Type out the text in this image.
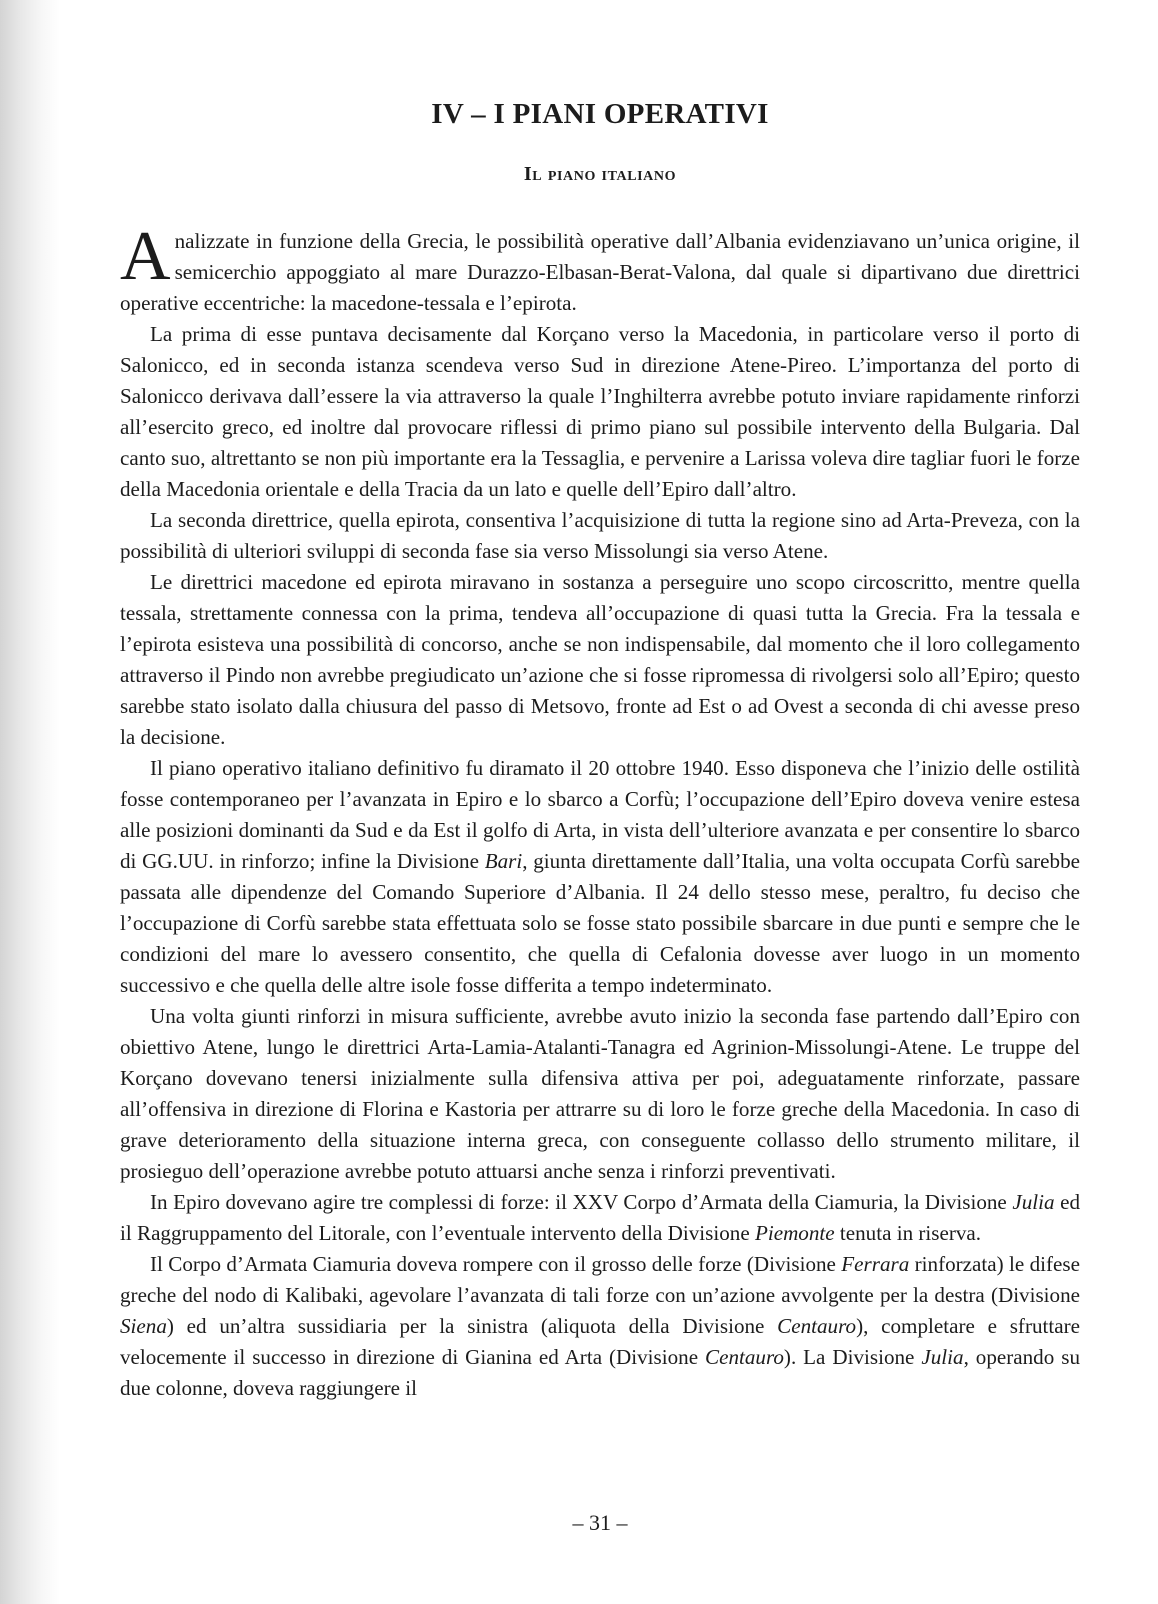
IV – I PIANI OPERATIVI
Il piano italiano

Analizzate in funzione della Grecia, le possibilità operative dall’Albania evidenziavano un’unica origine, il semicerchio appoggiato al mare Durazzo-Elbasan-Berat-Valona, dal quale si dipartivano due direttrici operative eccentriche: la macedone-tessala e l’epirota.

La prima di esse puntava decisamente dal Korçano verso la Macedonia, in particolare verso il porto di Salonicco, ed in seconda istanza scendeva verso Sud in direzione Atene-Pireo. L’importanza del porto di Salonicco derivava dall’essere la via attraverso la quale l’Inghilterra avrebbe potuto inviare rapidamente rinforzi all’esercito greco, ed inoltre dal provocare riflessi di primo piano sul possibile intervento della Bulgaria. Dal canto suo, altrettanto se non più importante era la Tessaglia, e pervenire a Larissa voleva dire tagliar fuori le forze della Macedonia orientale e della Tracia da un lato e quelle dell’Epiro dall’altro.

La seconda direttrice, quella epirota, consentiva l’acquisizione di tutta la regione sino ad Arta-Preveza, con la possibilità di ulteriori sviluppi di seconda fase sia verso Missolungi sia verso Atene.

Le direttrici macedone ed epirota miravano in sostanza a perseguire uno scopo circoscritto, mentre quella tessala, strettamente connessa con la prima, tendeva all’occupazione di quasi tutta la Grecia. Fra la tessala e l’epirota esisteva una possibilità di concorso, anche se non indispensabile, dal momento che il loro collegamento attraverso il Pindo non avrebbe pregiudicato un’azione che si fosse ripromessa di rivolgersi solo all’Epiro; questo sarebbe stato isolato dalla chiusura del passo di Metsovo, fronte ad Est o ad Ovest a seconda di chi avesse preso la decisione.

Il piano operativo italiano definitivo fu diramato il 20 ottobre 1940. Esso disponeva che l’inizio delle ostilità fosse contemporaneo per l’avanzata in Epiro e lo sbarco a Corfù; l’occupazione dell’Epiro doveva venire estesa alle posizioni dominanti da Sud e da Est il golfo di Arta, in vista dell’ulteriore avanzata e per consentire lo sbarco di GG.UU. in rinforzo; infine la Divisione Bari, giunta direttamente dall’Italia, una volta occupata Corfù sarebbe passata alle dipendenze del Comando Superiore d’Albania. Il 24 dello stesso mese, peraltro, fu deciso che l’occupazione di Corfù sarebbe stata effettuata solo se fosse stato possibile sbarcare in due punti e sempre che le condizioni del mare lo avessero consentito, che quella di Cefalonia dovesse aver luogo in un momento successivo e che quella delle altre isole fosse differita a tempo indeterminato.

Una volta giunti rinforzi in misura sufficiente, avrebbe avuto inizio la seconda fase partendo dall’Epiro con obiettivo Atene, lungo le direttrici Arta-Lamia-Atalanti-Tanagra ed Agrinion-Missolungi-Atene. Le truppe del Korçano dovevano tenersi inizialmente sulla difensiva attiva per poi, adeguatamente rinforzate, passare all’offensiva in direzione di Florina e Kastoria per attrarre su di loro le forze greche della Macedonia. In caso di grave deterioramento della situazione interna greca, con conseguente collasso dello strumento militare, il prosieguo dell’operazione avrebbe potuto attuarsi anche senza i rinforzi preventivati.

In Epiro dovevano agire tre complessi di forze: il XXV Corpo d’Armata della Ciamuria, la Divisione Julia ed il Raggruppamento del Litorale, con l’eventuale intervento della Divisione Piemonte tenuta in riserva.

Il Corpo d’Armata Ciamuria doveva rompere con il grosso delle forze (Divisione Ferrara rinforzata) le difese greche del nodo di Kalibaki, agevolare l’avanzata di tali forze con un’azione avvolgente per la destra (Divisione Siena) ed un’altra sussidiaria per la sinistra (aliquota della Divisione Centauro), completare e sfruttare velocemente il successo in direzione di Gianina ed Arta (Divisione Centauro). La Divisione Julia, operando su due colonne, doveva raggiungere il

– 31 –
